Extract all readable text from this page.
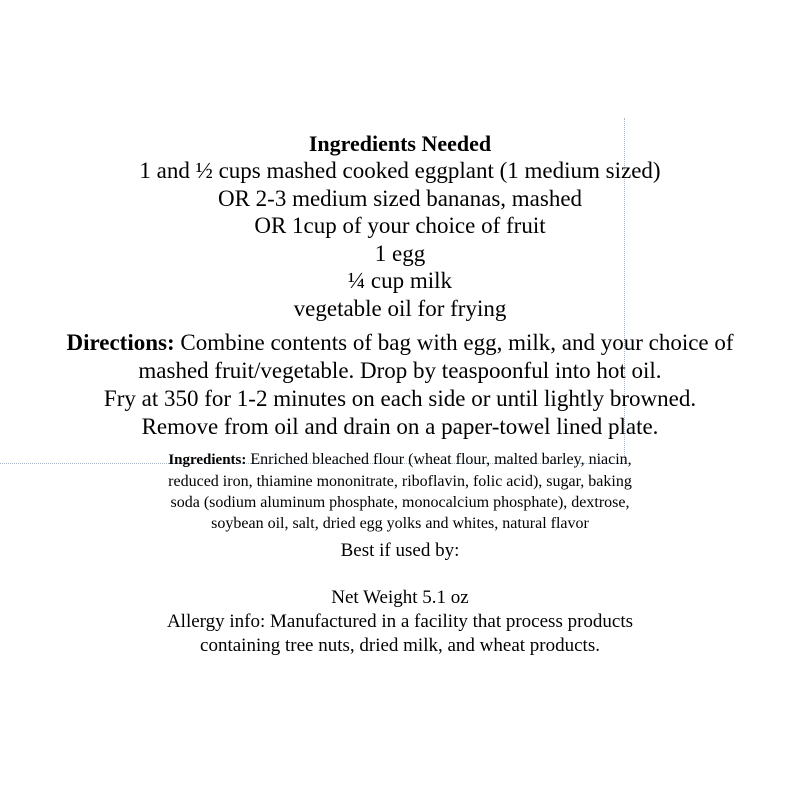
Ingredients Needed
1 and ½ cups mashed cooked eggplant (1 medium sized)
OR 2-3 medium sized bananas, mashed
OR 1cup of your choice of fruit
1 egg
¼ cup milk
vegetable oil for frying
Directions: Combine contents of bag with egg, milk, and your choice of
mashed fruit/vegetable. Drop by teaspoonful into hot oil.
Fry at 350 for 1-2 minutes on each side or until lightly browned.
Remove from oil and drain on a paper-towel lined plate.
Ingredients: Enriched bleached flour (wheat flour, malted barley, niacin,
reduced iron, thiamine mononitrate, riboflavin, folic acid), sugar, baking
soda (sodium aluminum phosphate, monocalcium phosphate), dextrose,
soybean oil, salt, dried egg yolks and whites, natural flavor
Best if used by:
Net Weight 5.1 oz
Allergy info: Manufactured in a facility that process products
containing tree nuts, dried milk, and wheat products.
